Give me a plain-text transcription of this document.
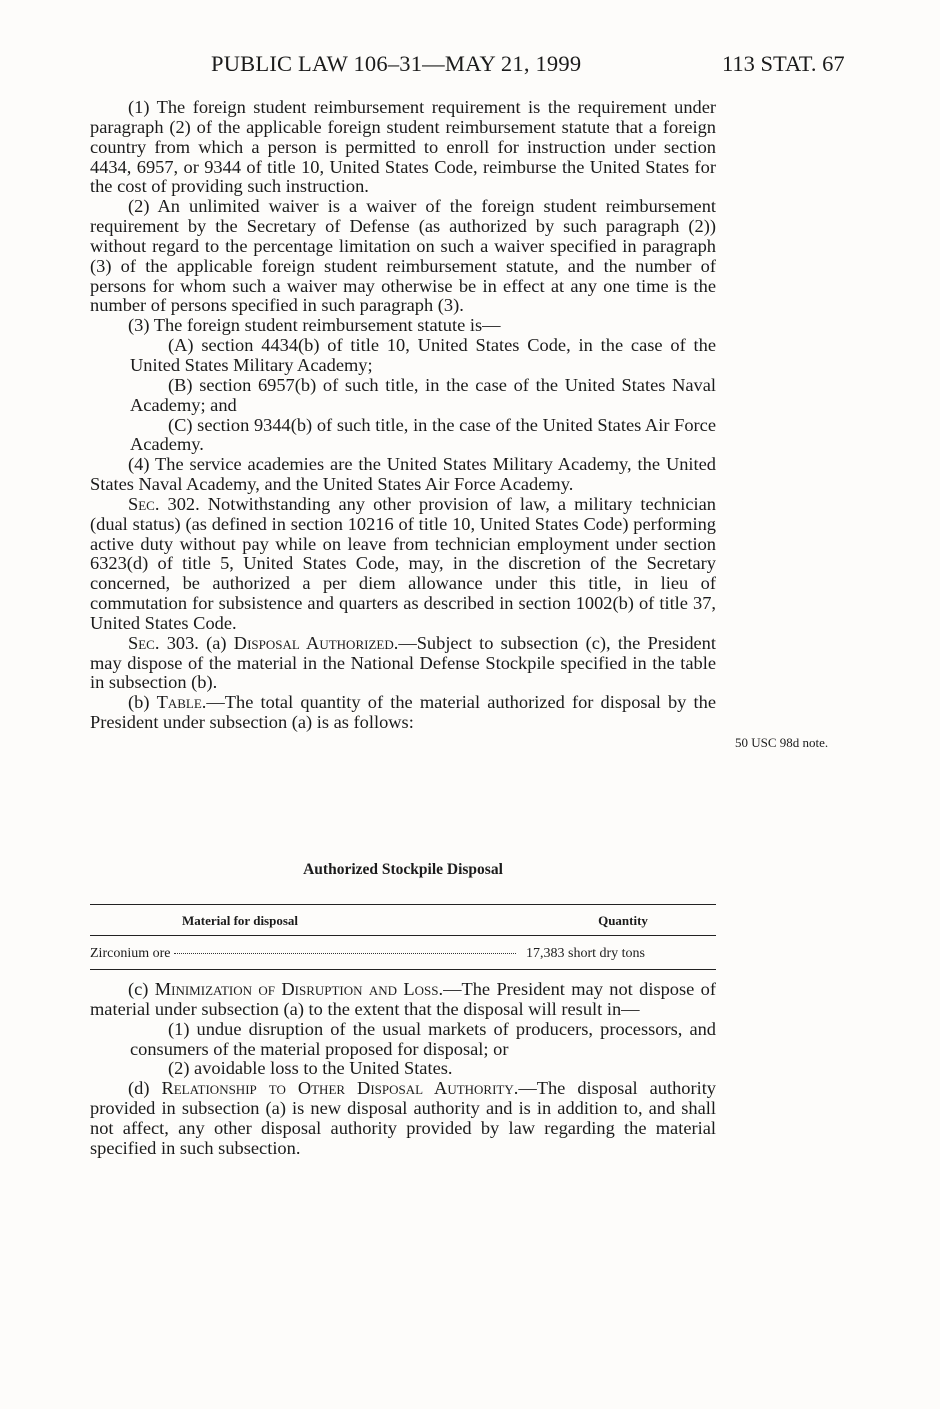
PUBLIC LAW 106–31—MAY 21, 1999	113 STAT. 67

(1) The foreign student reimbursement requirement is the requirement under paragraph (2) of the applicable foreign student reimbursement statute that a foreign country from which a person is permitted to enroll for instruction under section 4434, 6957, or 9344 of title 10, United States Code, reimburse the United States for the cost of providing such instruction.

(2) An unlimited waiver is a waiver of the foreign student reimbursement requirement by the Secretary of Defense (as authorized by such paragraph (2)) without regard to the percentage limitation on such a waiver specified in paragraph (3) of the applicable foreign student reimbursement statute, and the number of persons for whom such a waiver may otherwise be in effect at any one time is the number of persons specified in such paragraph (3).

(3) The foreign student reimbursement statute is—

(A) section 4434(b) of title 10, United States Code, in the case of the United States Military Academy;

(B) section 6957(b) of such title, in the case of the United States Naval Academy; and

(C) section 9344(b) of such title, in the case of the United States Air Force Academy.

(4) The service academies are the United States Military Academy, the United States Naval Academy, and the United States Air Force Academy.

Sec. 302. Notwithstanding any other provision of law, a military technician (dual status) (as defined in section 10216 of title 10, United States Code) performing active duty without pay while on leave from technician employment under section 6323(d) of title 5, United States Code, may, in the discretion of the Secretary concerned, be authorized a per diem allowance under this title, in lieu of commutation for subsistence and quarters as described in section 1002(b) of title 37, United States Code.

Sec. 303. (a) Disposal Authorized.—Subject to subsection (c), the President may dispose of the material in the National Defense Stockpile specified in the table in subsection (b).

(b) Table.—The total quantity of the material authorized for disposal by the President under subsection (a) is as follows:

50 USC 98d note.
Authorized Stockpile Disposal
Material for disposal	Quantity
Zirconium ore	17,383 short dry tons

(c) Minimization of Disruption and Loss.—The President may not dispose of material under subsection (a) to the extent that the disposal will result in—

(1) undue disruption of the usual markets of producers, processors, and consumers of the material proposed for disposal; or

(2) avoidable loss to the United States.

(d) Relationship to Other Disposal Authority.—The disposal authority provided in subsection (a) is new disposal authority and is in addition to, and shall not affect, any other disposal authority provided by law regarding the material specified in such subsection.
